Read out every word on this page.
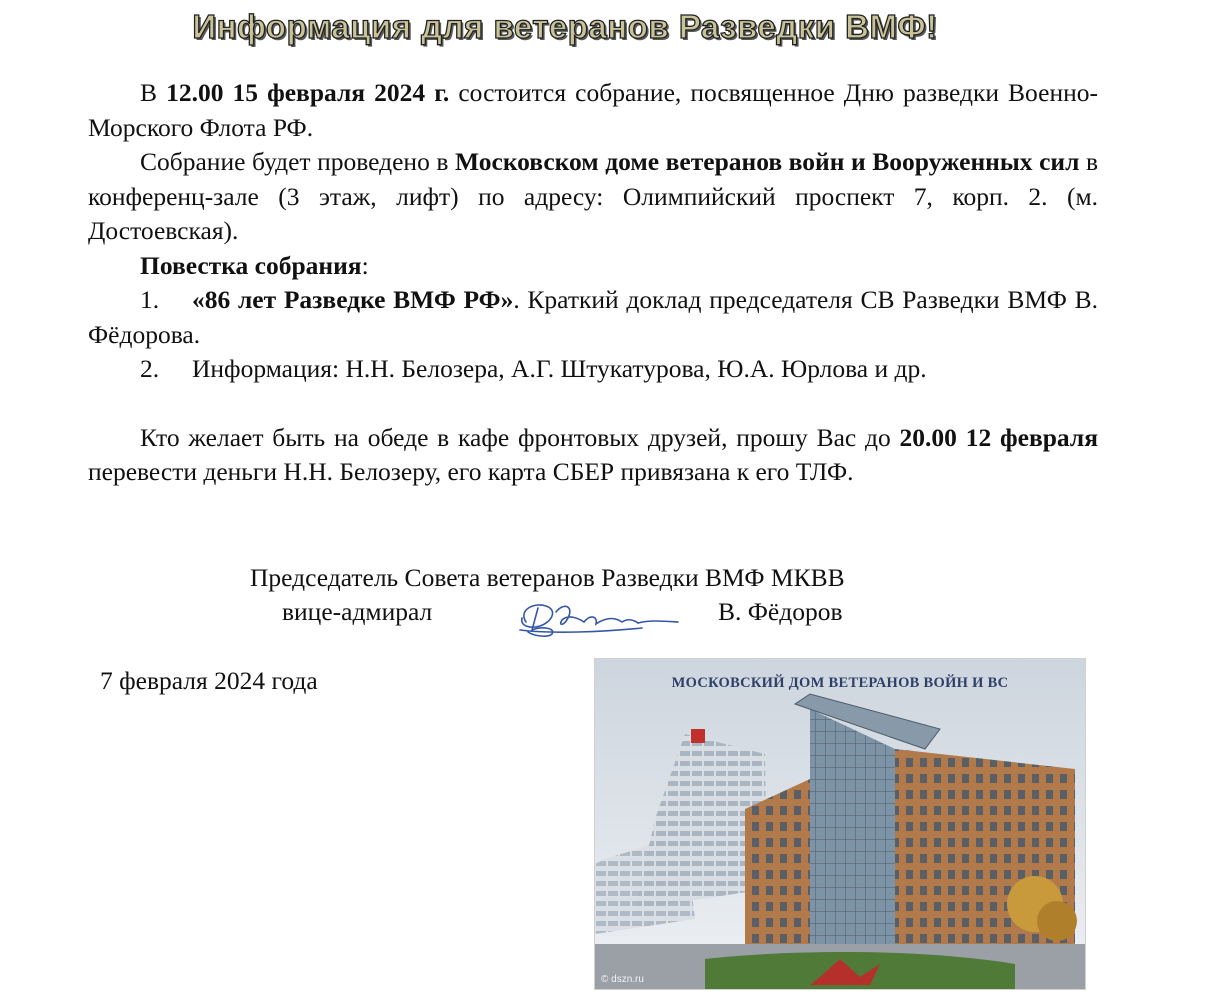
Информация для ветеранов Разведки ВМФ!

В 12.00 15 февраля 2024 г. состоится собрание, посвященное Дню разведки Военно-Морского Флота РФ.

Собрание будет проведено в Московском доме ветеранов войн и Вооруженных сил в конференц-зале (3 этаж, лифт) по адресу: Олимпийский проспект 7, корп. 2. (м. Достоевская).

Повестка собрания:

1. «86 лет Разведке ВМФ РФ». Краткий доклад председателя СВ Разведки ВМФ В. Фёдорова.

2. Информация: Н.Н. Белозера, А.Г. Штукатурова, Ю.А. Юрлова и др.

Кто желает быть на обеде в кафе фронтовых друзей, прошу Вас до 20.00 12 февраля перевести деньги Н.Н. Белозеру, его карта СБЕР привязана к его ТЛФ.

Председатель Совета ветеранов Разведки ВМФ МКВВ
вице-адмирал	В. Фёдоров
7 февраля 2024 года	МОСКОВСКИЙ ДОМ ВЕТЕРАНОВ ВОЙН И ВС
© dszn.ru
